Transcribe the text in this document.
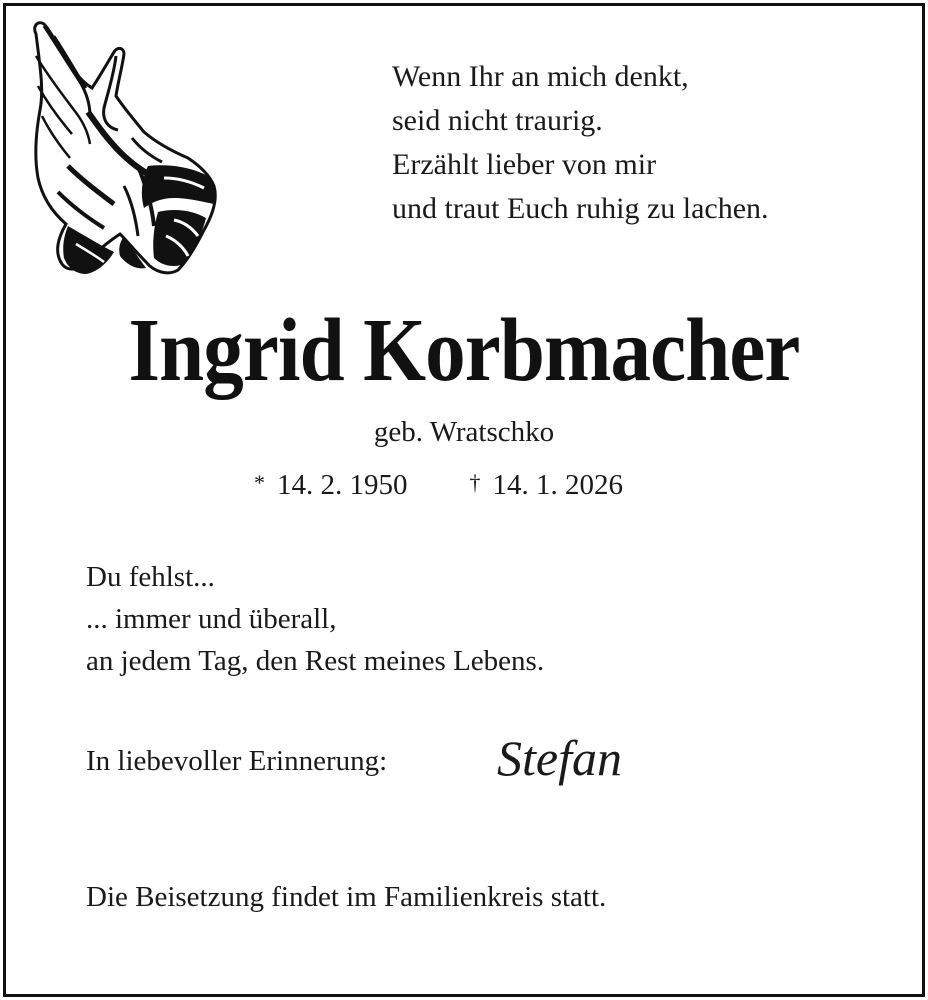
Wenn Ihr an mich denkt,
seid nicht traurig.
Erzählt lieber von mir
und traut Euch ruhig zu lachen.
Ingrid Korbmacher
geb. Wratschko
* 14. 2. 1950	† 14. 1. 2026
Du fehlst...
... immer und überall,
an jedem Tag, den Rest meines Lebens.
In liebevoller Erinnerung: Stefan
Die Beisetzung findet im Familienkreis statt.
